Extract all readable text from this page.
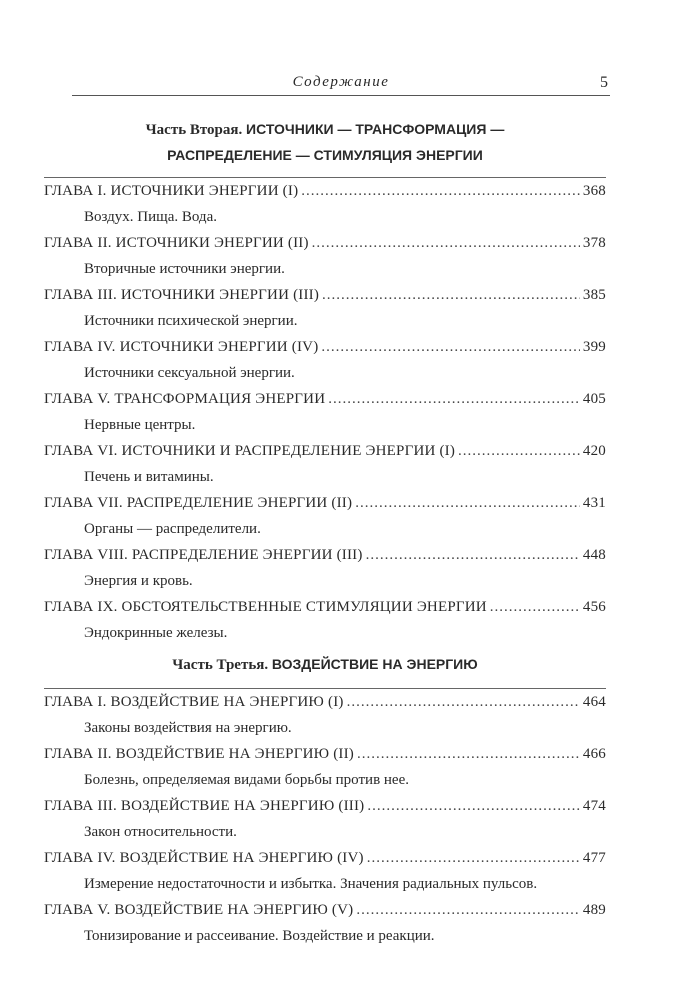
Содержание	5
Часть Вторая. ИСТОЧНИКИ — ТРАНСФОРМАЦИЯ —
РАСПРЕДЕЛЕНИЕ — СТИМУЛЯЦИЯ ЭНЕРГИИ
ГЛАВА I. ИСТОЧНИКИ ЭНЕРГИИ (I) .....	368
Воздух. Пища. Вода.
ГЛАВА II. ИСТОЧНИКИ ЭНЕРГИИ (II) .....	378
Вторичные источники энергии.
ГЛАВА III. ИСТОЧНИКИ ЭНЕРГИИ (III) .....	385
Источники психической энергии.
ГЛАВА IV. ИСТОЧНИКИ ЭНЕРГИИ (IV) .....	399
Источники сексуальной энергии.
ГЛАВА V. ТРАНСФОРМАЦИЯ ЭНЕРГИИ .....	405
Нервные центры.
ГЛАВА VI. ИСТОЧНИКИ И РАСПРЕДЕЛЕНИЕ ЭНЕРГИИ (I) .....	420
Печень и витамины.
ГЛАВА VII. РАСПРЕДЕЛЕНИЕ ЭНЕРГИИ (II) .....	431
Органы — распределители.
ГЛАВА VIII. РАСПРЕДЕЛЕНИЕ ЭНЕРГИИ (III) .....	448
Энергия и кровь.
ГЛАВА IX. ОБСТОЯТЕЛЬСТВЕННЫЕ СТИМУЛЯЦИИ ЭНЕРГИИ .....	456
Эндокринные железы.
Часть Третья. ВОЗДЕЙСТВИЕ НА ЭНЕРГИЮ
ГЛАВА I. ВОЗДЕЙСТВИЕ НА ЭНЕРГИЮ (I) .....	464
Законы воздействия на энергию.
ГЛАВА II. ВОЗДЕЙСТВИЕ НА ЭНЕРГИЮ (II) .....	466
Болезнь, определяемая видами борьбы против нее.
ГЛАВА III. ВОЗДЕЙСТВИЕ НА ЭНЕРГИЮ (III) .....	474
Закон относительности.
ГЛАВА IV. ВОЗДЕЙСТВИЕ НА ЭНЕРГИЮ (IV) .....	477
Измерение недостаточности и избытка. Значения радиальных пульсов.
ГЛАВА V. ВОЗДЕЙСТВИЕ НА ЭНЕРГИЮ (V) .....	489
Тонизирование и рассеивание. Воздействие и реакции.
